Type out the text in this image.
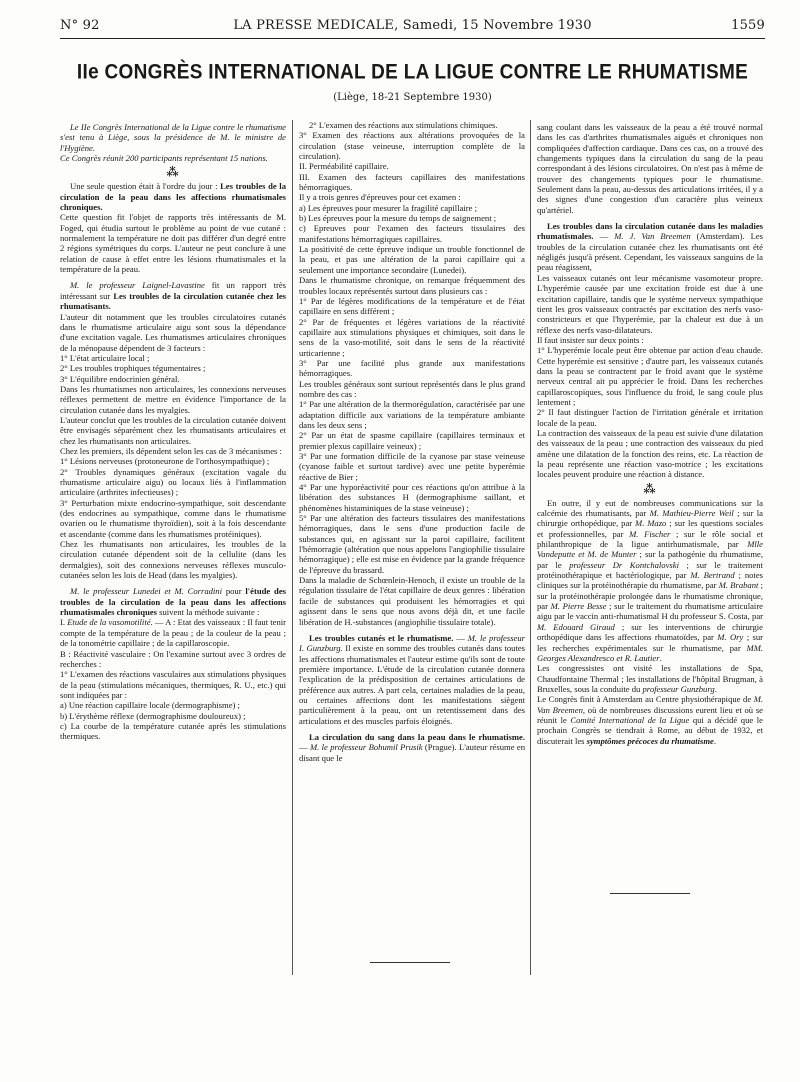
N° 92	LA PRESSE MEDICALE, Samedi, 15 Novembre 1930	1559
IIe CONGRÈS INTERNATIONAL DE LA LIGUE CONTRE LE RHUMATISME
(Liège, 18-21 Septembre 1930)

Le IIe Congrès International de la Ligue contre le rhumatisme s'est tenu à Liège, sous la présidence de M. le ministre de l'Hygiène.

Ce Congrès réunit 200 participants représentant 15 nations.

⁂

Une seule question était à l'ordre du jour : Les troubles de la circulation de la peau dans les affections rhumatismales chroniques.

Cette question fit l'objet de rapports très intéressants de M. Foged, qui étudia surtout le problème au point de vue cutané : normalement la température ne doit pas différer d'un degré entre 2 régions symétriques du corps. L'auteur ne peut conclure à une relation de cause à effet entre les lésions rhumatismales et la température de la peau.

M. le professeur Laignel-Lavastine fit un rapport très intéressant sur Les troubles de la circulation cutanée chez les rhumatisants.

L'auteur dit notamment que les troubles circulatoires cutanés dans le rhumatisme articulaire aigu sont sous la dépendance d'une excitation vagale. Les rhumatismes articulaires chroniques de la ménopause dépendent de 3 facteurs :

1° L'état articulaire local ;

2° Les troubles trophiques tégumentaires ;

3° L'équilibre endocrinien général.

Dans les rhumatismes non articulaires, les connexions nerveuses réflexes permettent de mettre en évidence l'importance de la circulation cutanée dans les myalgies.

L'auteur conclut que les troubles de la circulation cutanée doivent être envisagés séparément chez les rhumatisants articulaires et chez les rhumatisants non articulaires.

Chez les premiers, ils dépendent selon les cas de 3 mécanismes :

1° Lésions nerveuses (protoneurone de l'orthosympathique) ;

2° Troubles dynamiques généraux (excitation vagale du rhumatisme articulaire aigu) ou locaux liés à l'inflammation articulaire (arthrites infectieuses) ;

3° Perturbation mixte endocrino-sympathique, soit descendante (des endocrines au sympathique, comme dans le rhumatisme ovarien ou le rhumatisme thyroïdien), soit à la fois descendante et ascendante (comme dans les rhumatismes protéiniques).

Chez les rhumatisants non articulaires, les troubles de la circulation cutanée dépendent soit de la cellulite (dans les dermalgies), soit des connexions nerveuses réflexes musculo-cutanées selon les lois de Head (dans les myalgies).

M. le professeur Lunedei et M. Corradini pour l'étude des troubles de la circulation de la peau dans les affections rhumatismales chroniques suivent la méthode suivante :

I. Etude de la vasomotilité. — A : Etat des vaisseaux : Il faut tenir compte de la température de la peau ; de la couleur de la peau ; de la tonométrie capillaire ; de la capillaroscopie.

B : Réactivité vasculaire : On l'examine surtout avec 3 ordres de recherches :

1° L'examen des réactions vasculaires aux stimulations physiques de la peau (stimulations mécaniques, thermiques, R. U., etc.) qui sont indiquées par :

a) Une réaction capillaire locale (dermographisme) ;

b) L'érythème réflexe (dermographisme douloureux) ;

c) La courbe de la température cutanée après les stimulations thermiques.

2° L'examen des réactions aux stimulations chimiques.

3° Examen des réactions aux altérations provoquées de la circulation (stase veineuse, interruption complète de la circulation).

II. Perméabilité capillaire.

III. Examen des facteurs capillaires des manifestations hémorragiques.

Il y a trois genres d'épreuves pour cet examen :

a) Les épreuves pour mesurer la fragilité capillaire ;

b) Les épreuves pour la mesure du temps de saignement ;

c) Epreuves pour l'examen des facteurs tissulaires des manifestations hémorragiques capillaires.

La positivité de cette épreuve indique un trouble fonctionnel de la peau, et pas une altération de la paroi capillaire qui a seulement une importance secondaire (Lunedei).

Dans le rhumatisme chronique, on remarque fréquemment des troubles locaux représentés surtout dans plusieurs cas :

1° Par de légères modifications de la température et de l'état capillaire en sens différent ;

2° Par de fréquentes et légères variations de la réactivité capillaire aux stimulations physiques et chimiques, soit dans le sens de la vaso-motilité, soit dans le sens de la réactivité urticarienne ;

3° Par une facilité plus grande aux manifestations hémorragiques.

Les troubles généraux sont surtout représentés dans le plus grand nombre des cas :

1° Par une altération de la thermorégulation, caractérisée par une adaptation difficile aux variations de la température ambiante dans les deux sens ;

2° Par un état de spasme capillaire (capillaires terminaux et premier plexus capillaire veineux) ;

3° Par une formation difficile de la cyanose par stase veineuse (cyanose faible et surtout tardive) avec une petite hyperémie réactive de Bier ;

4° Par une hyporéactivité pour ces réactions qu'on attribue à la libération des substances H (dermographisme saillant, et phénomènes histaminiques de la stase veineuse) ;

5° Par une altération des facteurs tissulaires des manifestations hémorragiques, dans le sens d'une production facile de substances qui, en agissant sur la paroi capillaire, facilitent l'hémorragie (altération que nous appelons l'angiophilie tissulaire hémorragique) ; elle est mise en évidence par la grande fréquence de l'épreuve du brassard.

Dans la maladie de Schœnlein-Henoch, il existe un trouble de la régulation tissulaire de l'état capillaire de deux genres : libération facile de substances qui produisent les hémorragies et qui agissent dans le sens que nous avons déjà dit, et une facile libération de H.-substances (angiophilie tissulaire totale).

Les troubles cutanés et le rhumatisme. — M. le professeur I. Gunzburg. Il existe en somme des troubles cutanés dans toutes les affections rhumatismales et l'auteur estime qu'ils sont de toute première importance. L'étude de la circulation cutanée donnera l'explication de la prédisposition de certaines articulations de préférence aux autres. A part cela, certaines maladies de la peau, ou certaines affections dont les manifestations siègent particulièrement à la peau, ont un retentissement dans des articulations et des muscles parfois éloignés.

La circulation du sang dans la peau dans le rhumatisme. — M. le professeur Bohumil Prusik (Prague). L'auteur résume en disant que le

sang coulant dans les vaisseaux de la peau a été trouvé normal dans les cas d'arthrites rhumatismales aiguës et chroniques non compliquées d'affection cardiaque. Dans ces cas, on a trouvé des changements typiques dans la circulation du sang de la peau correspondant à des lésions circulatoires. On n'est pas à même de trouver des changements typiques pour le rhumatisme. Seulement dans la peau, au-dessus des articulations irritées, il y a des signes d'une congestion d'un caractère plus veineux qu'artériel.

Les troubles dans la circulation cutanée dans les maladies rhumatismales. — M. J. Van Breemen (Amsterdam). Les troubles de la circulation cutanée chez les rhumatisants ont été négligés jusqu'à présent. Cependant, les vaisseaux sanguins de la peau réagissent,

Les vaisseaux cutanés ont leur mécanisme vasomoteur propre. L'hyperémie causée par une excitation froide est due à une excitation capillaire, tandis que le système nerveux sympathique tient les gros vaisseaux contractés par excitation des nerfs vaso-constricteurs et que l'hyperémie, par la chaleur est due à un réflexe des nerfs vaso-dilatateurs.

Il faut insister sur deux points :

1° L'hyperémie locale peut être obtenue par action d'eau chaude. Cette hyperémie est sensitive ; d'autre part, les vaisseaux cutanés dans la peau se contractent par le froid avant que le système nerveux central ait pu apprécier le froid. Dans les recherches capillaroscopiques, sous l'influence du froid, le sang coule plus lentement ;

2° Il faut distinguer l'action de l'irritation générale et irritation locale de la peau.

La contraction des vaisseaux de la peau est suivie d'une dilatation des vaisseaux de la peau ; une contraction des vaisseaux du pied amène une dilatation de la fonction des reins, etc. La réaction de la peau représente une réaction vaso-motrice ; les excitations locales peuvent produire une réaction à distance.

⁂

En outre, il y eut de nombreuses communications sur la calcémie des rhumatisants, par M. Mathieu-Pierre Weil ; sur la chirurgie orthopédique, par M. Mazo ; sur les questions sociales et professionnelles, par M. Fischer ; sur le rôle social et philanthropique de la ligue antirhumatismale, par Mlle Vandeputte et M. de Munter ; sur la pathogénie du rhumatisme, par le professeur Dr Kontchalovski ; sur le traitement protéinothérapique et bactériologique, par M. Bertrand ; notes cliniques sur la protéinothérapie du rhumatisme, par M. Brabant ; sur la protéinothérapie prolongée dans le rhumatisme chronique, par M. Pierre Besse ; sur le traitement du rhumatisme articulaire aigu par le vaccin anti-rhumatismal H du professeur S. Costa, par M. Edouard Giraud ; sur les interventions de chirurgie orthopédique dans les affections rhumatoïdes, par M. Ory ; sur les recherches expérimentales sur le rhumatisme, par MM. Georges Alexandresco et R. Lautier.

Les congressistes ont visité les installations de Spa, Chaudfontaine Thermal ; les installations de l'hôpital Brugman, à Bruxelles, sous la conduite du professeur Gunzburg.

Le Congrès finit à Amsterdam au Centre physiothérapique de M. Van Breemen, où de nombreuses discussions eurent lieu et où se réunit le Comité International de la Ligue qui a décidé que le prochain Congrès se tiendrait à Rome, au début de 1932, et discuterait les symptômes précoces du rhumatisme.
